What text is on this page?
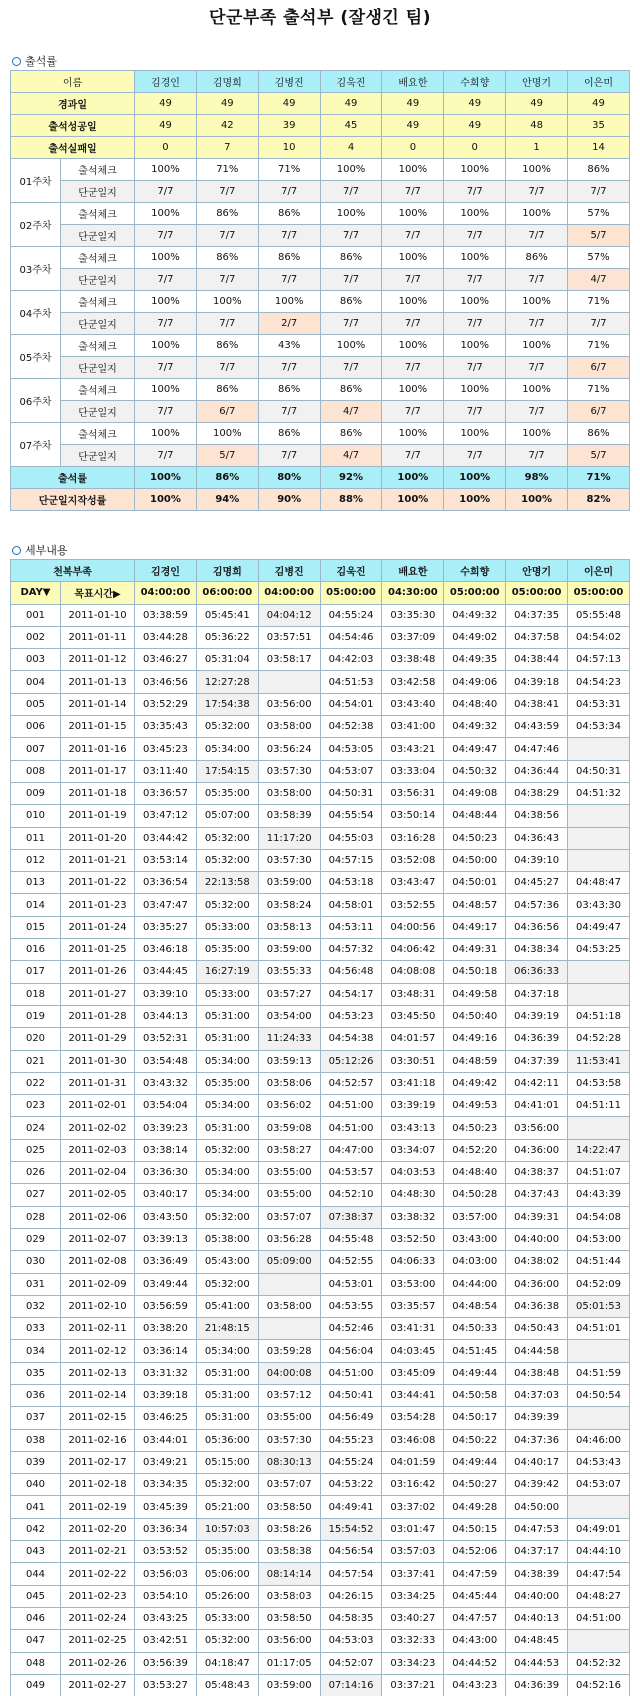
단군부족 출석부 (잘생긴 팀)
출석률
이름		김경인	김명희	김병진	김욱진	배요한	수희향	안명기	이은미
경과일		49	49	49	49	49	49	49	49
출석성공일		49	42	39	45	49	49	48	35
출석실패일		0	7	10	4	0	0	1	14
01주차	출석체크	100%	71%	71%	100%	100%	100%	100%	86%
	단군일지	7/7	7/7	7/7	7/7	7/7	7/7	7/7	7/7
02주차	출석체크	100%	86%	86%	100%	100%	100%	100%	57%
	단군일지	7/7	7/7	7/7	7/7	7/7	7/7	7/7	5/7
03주차	출석체크	100%	86%	86%	86%	100%	100%	86%	57%
	단군일지	7/7	7/7	7/7	7/7	7/7	7/7	7/7	4/7
04주차	출석체크	100%	100%	100%	86%	100%	100%	100%	71%
	단군일지	7/7	7/7	2/7	7/7	7/7	7/7	7/7	7/7
05주차	출석체크	100%	86%	43%	100%	100%	100%	100%	71%
	단군일지	7/7	7/7	7/7	7/7	7/7	7/7	7/7	6/7
06주차	출석체크	100%	86%	86%	86%	100%	100%	100%	71%
	단군일지	7/7	6/7	7/7	4/7	7/7	7/7	7/7	6/7
07주차	출석체크	100%	100%	86%	86%	100%	100%	100%	86%
	단군일지	7/7	5/7	7/7	4/7	7/7	7/7	7/7	5/7
출석률		100%	86%	80%	92%	100%	100%	98%	71%
단군일지작성률		100%	94%	90%	88%	100%	100%	100%	82%
세부내용
천복부족		김경인	김명희	김병진	김욱진	배요한	수희향	안명기	이은미
DAY▼	목표시간▶	04:00:00	06:00:00	04:00:00	05:00:00	04:30:00	05:00:00	05:00:00	05:00:00
001	2011-01-10	03:38:59	05:45:41	04:04:12	04:55:24	03:35:30	04:49:32	04:37:35	05:55:48
002	2011-01-11	03:44:28	05:36:22	03:57:51	04:54:46	03:37:09	04:49:02	04:37:58	04:54:02
003	2011-01-12	03:46:27	05:31:04	03:58:17	04:42:03	03:38:48	04:49:35	04:38:44	04:57:13
004	2011-01-13	03:46:56	12:27:28		04:51:53	03:42:58	04:49:06	04:39:18	04:54:23
005	2011-01-14	03:52:29	17:54:38	03:56:00	04:54:01	03:43:40	04:48:40	04:38:41	04:53:31
006	2011-01-15	03:35:43	05:32:00	03:58:00	04:52:38	03:41:00	04:49:32	04:43:59	04:53:34
007	2011-01-16	03:45:23	05:34:00	03:56:24	04:53:05	03:43:21	04:49:47	04:47:46	
008	2011-01-17	03:11:40	17:54:15	03:57:30	04:53:07	03:33:04	04:50:32	04:36:44	04:50:31
009	2011-01-18	03:36:57	05:35:00	03:58:00	04:50:31	03:56:31	04:49:08	04:38:29	04:51:32
010	2011-01-19	03:47:12	05:07:00	03:58:39	04:55:54	03:50:14	04:48:44	04:38:56	
011	2011-01-20	03:44:42	05:32:00	11:17:20	04:55:03	03:16:28	04:50:23	04:36:43	
012	2011-01-21	03:53:14	05:32:00	03:57:30	04:57:15	03:52:08	04:50:00	04:39:10	
013	2011-01-22	03:36:54	22:13:58	03:59:00	04:53:18	03:43:47	04:50:01	04:45:27	04:48:47
014	2011-01-23	03:47:47	05:32:00	03:58:24	04:58:01	03:52:55	04:48:57	04:57:36	03:43:30
015	2011-01-24	03:35:27	05:33:00	03:58:13	04:53:11	04:00:56	04:49:17	04:36:56	04:49:47
016	2011-01-25	03:46:18	05:35:00	03:59:00	04:57:32	04:06:42	04:49:31	04:38:34	04:53:25
017	2011-01-26	03:44:45	16:27:19	03:55:33	04:56:48	04:08:08	04:50:18	06:36:33	
018	2011-01-27	03:39:10	05:33:00	03:57:27	04:54:17	03:48:31	04:49:58	04:37:18	
019	2011-01-28	03:44:13	05:31:00	03:54:00	04:53:23	03:45:50	04:50:40	04:39:19	04:51:18
020	2011-01-29	03:52:31	05:31:00	11:24:33	04:54:38	04:01:57	04:49:16	04:36:39	04:52:28
021	2011-01-30	03:54:48	05:34:00	03:59:13	05:12:26	03:30:51	04:48:59	04:37:39	11:53:41
022	2011-01-31	03:43:32	05:35:00	03:58:06	04:52:57	03:41:18	04:49:42	04:42:11	04:53:58
023	2011-02-01	03:54:04	05:34:00	03:56:02	04:51:00	03:39:19	04:49:53	04:41:01	04:51:11
024	2011-02-02	03:39:23	05:31:00	03:59:08	04:51:00	03:43:13	04:50:23	03:56:00	
025	2011-02-03	03:38:14	05:32:00	03:58:27	04:47:00	03:34:07	04:52:20	04:36:00	14:22:47
026	2011-02-04	03:36:30	05:34:00	03:55:00	04:53:57	04:03:53	04:48:40	04:38:37	04:51:07
027	2011-02-05	03:40:17	05:34:00	03:55:00	04:52:10	04:48:30	04:50:28	04:37:43	04:43:39
028	2011-02-06	03:43:50	05:32:00	03:57:07	07:38:37	03:38:32	03:57:00	04:39:31	04:54:08
029	2011-02-07	03:39:13	05:38:00	03:56:28	04:55:48	03:52:50	03:43:00	04:40:00	04:53:00
030	2011-02-08	03:36:49	05:43:00	05:09:00	04:52:55	04:06:33	04:03:00	04:38:02	04:51:44
031	2011-02-09	03:49:44	05:32:00		04:53:01	03:53:00	04:44:00	04:36:00	04:52:09
032	2011-02-10	03:56:59	05:41:00	03:58:00	04:53:55	03:35:57	04:48:54	04:36:38	05:01:53
033	2011-02-11	03:38:20	21:48:15		04:52:46	03:41:31	04:50:33	04:50:43	04:51:01
034	2011-02-12	03:36:14	05:34:00	03:59:28	04:56:04	04:03:45	04:51:45	04:44:58	
035	2011-02-13	03:31:32	05:31:00	04:00:08	04:51:00	03:45:09	04:49:44	04:38:48	04:51:59
036	2011-02-14	03:39:18	05:31:00	03:57:12	04:50:41	03:44:41	04:50:58	04:37:03	04:50:54
037	2011-02-15	03:46:25	05:31:00	03:55:00	04:56:49	03:54:28	04:50:17	04:39:39	
038	2011-02-16	03:44:01	05:36:00	03:57:30	04:55:23	03:46:08	04:50:22	04:37:36	04:46:00
039	2011-02-17	03:49:21	05:15:00	08:30:13	04:55:24	04:01:59	04:49:44	04:40:17	04:53:43
040	2011-02-18	03:34:35	05:32:00	03:57:07	04:53:22	03:16:42	04:50:27	04:39:42	04:53:07
041	2011-02-19	03:45:39	05:21:00	03:58:50	04:49:41	03:37:02	04:49:28	04:50:00	
042	2011-02-20	03:36:34	10:57:03	03:58:26	15:54:52	03:01:47	04:50:15	04:47:53	04:49:01
043	2011-02-21	03:53:52	05:35:00	03:58:38	04:56:54	03:57:03	04:52:06	04:37:17	04:44:10
044	2011-02-22	03:56:03	05:06:00	08:14:14	04:57:54	03:37:41	04:47:59	04:38:39	04:47:54
045	2011-02-23	03:54:10	05:26:00	03:58:03	04:26:15	03:34:25	04:45:44	04:40:00	04:48:27
046	2011-02-24	03:43:25	05:33:00	03:58:50	04:58:35	03:40:27	04:47:57	04:40:13	04:51:00
047	2011-02-25	03:42:51	05:32:00	03:56:00	04:53:03	03:32:33	04:43:00	04:48:45	
048	2011-02-26	03:56:39	04:18:47	01:17:05	04:52:07	03:34:23	04:44:52	04:44:53	04:52:32
049	2011-02-27	03:53:27	05:48:43	03:59:00	07:14:16	03:37:21	04:43:23	04:36:39	04:52:16
